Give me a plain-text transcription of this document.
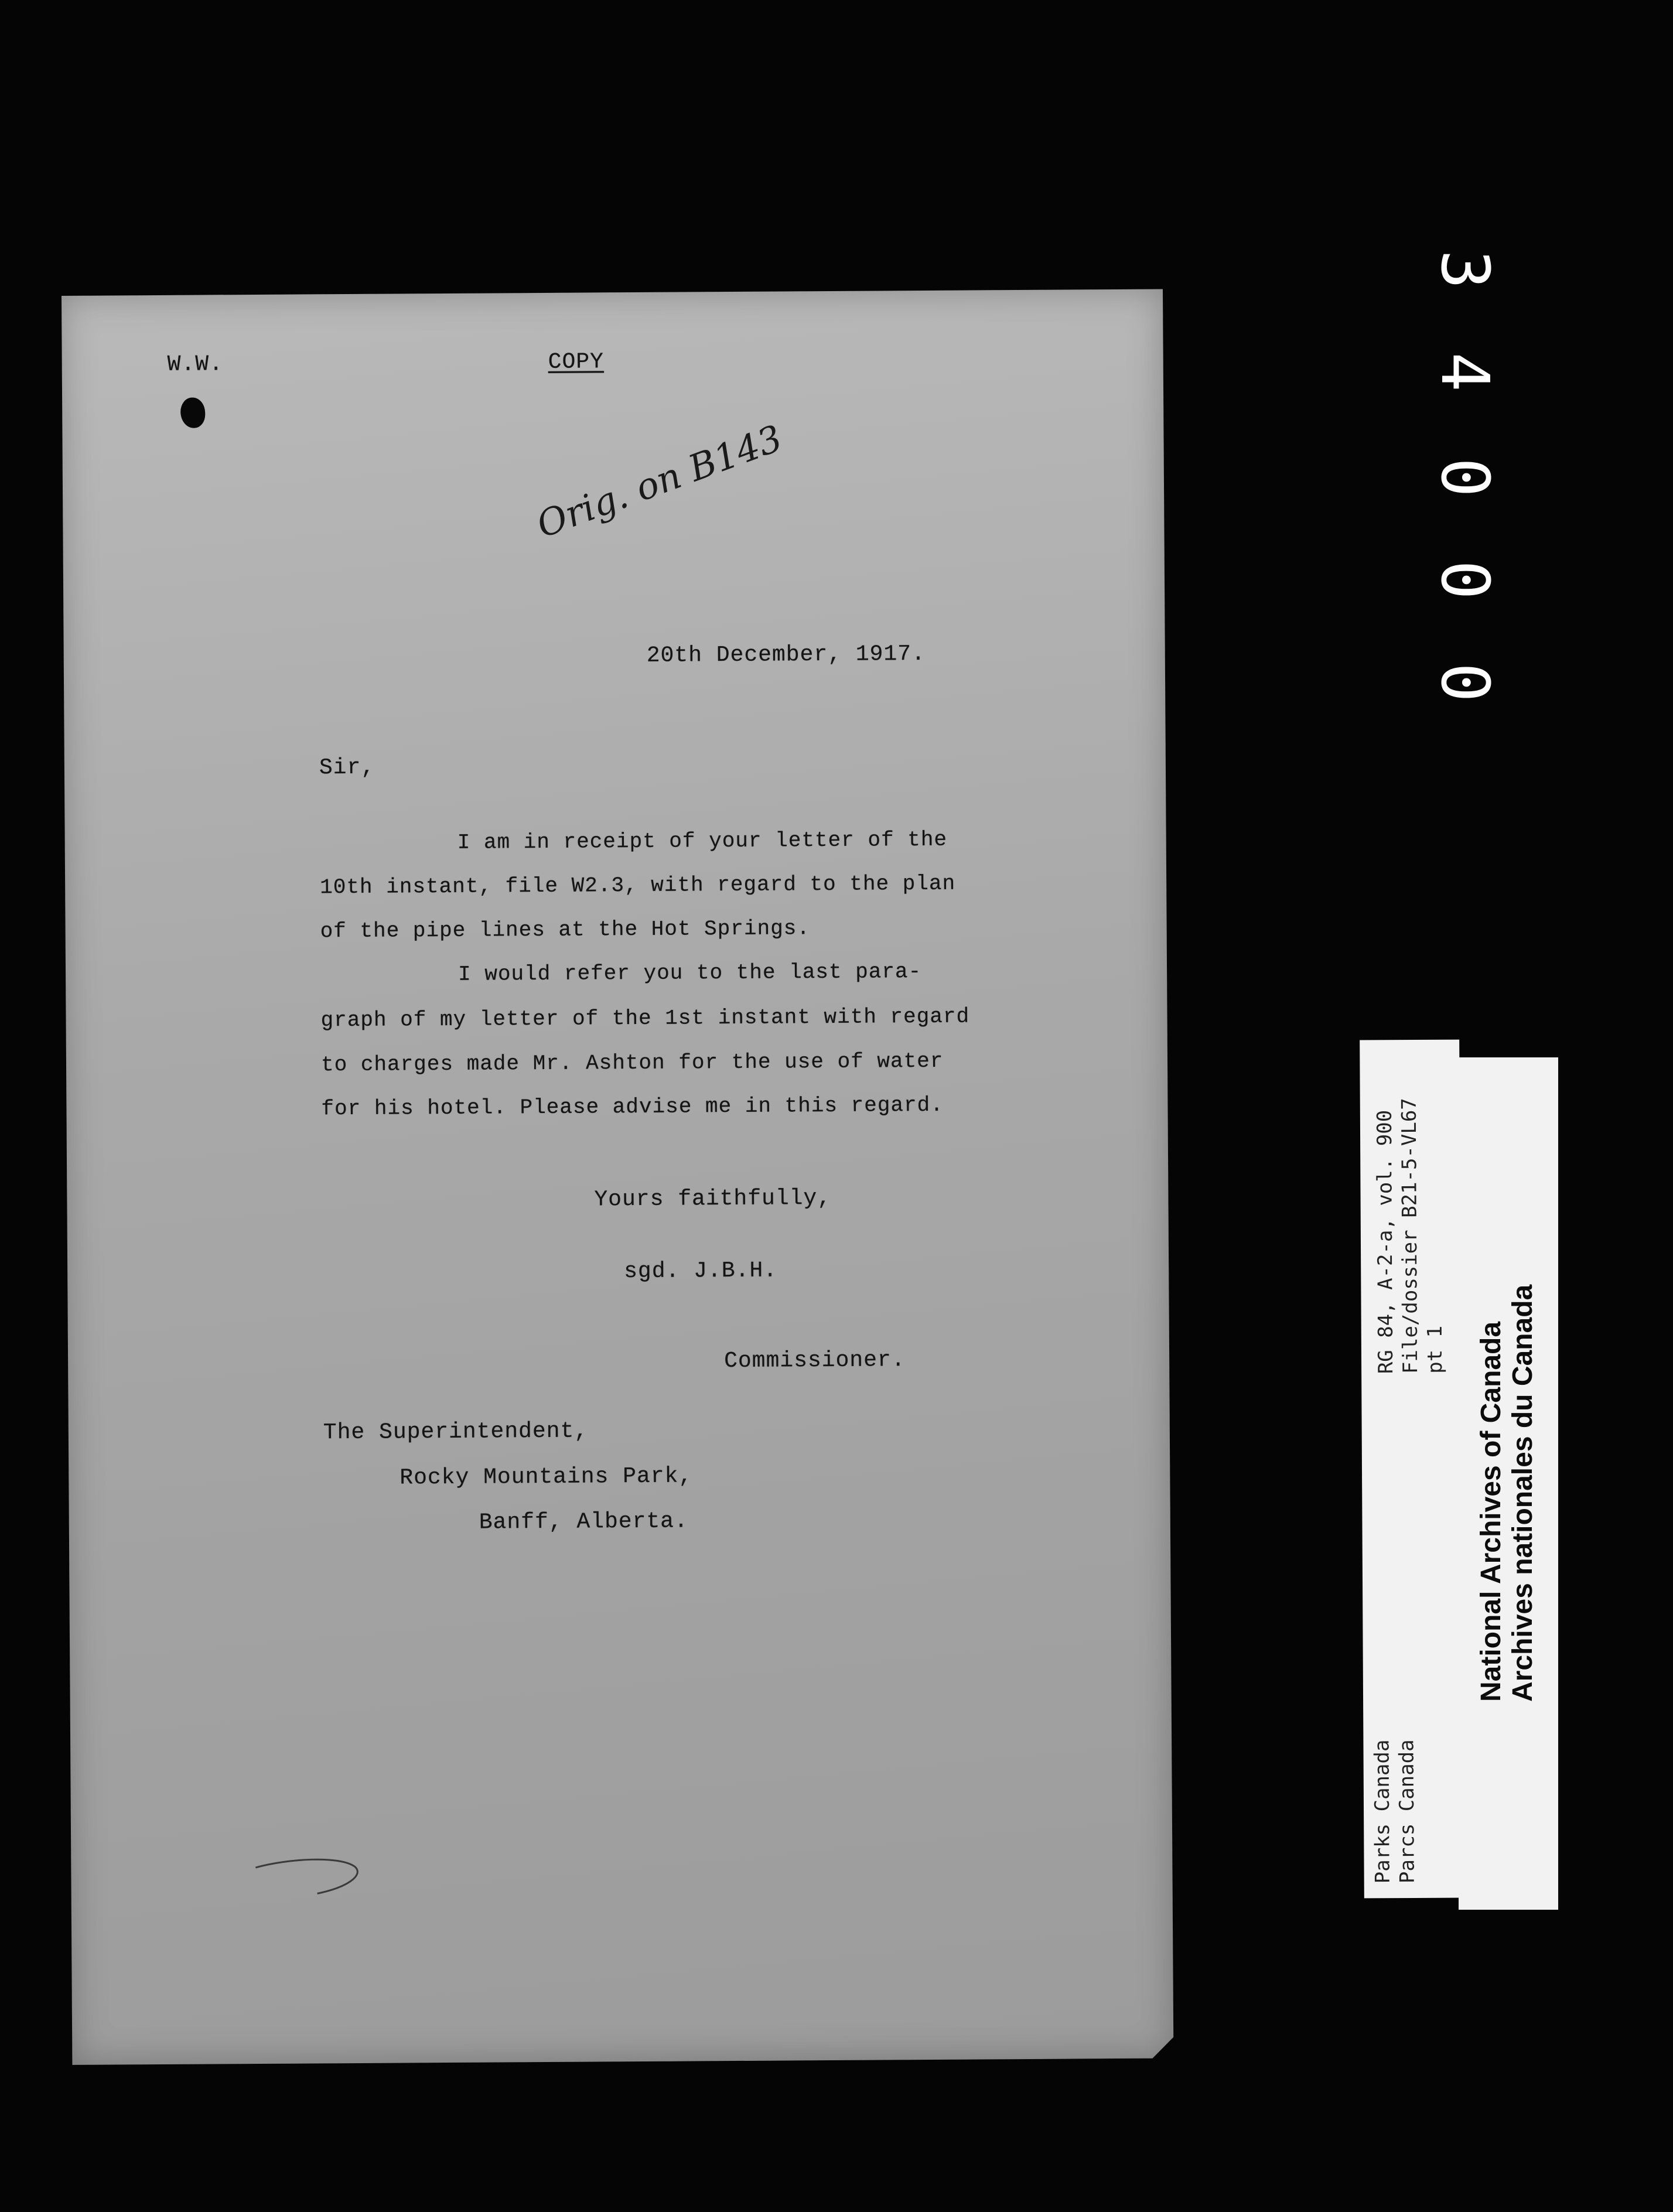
W.W.	COPY
Orig. on B143
20th December, 1917.
Sir,
I am in receipt of your letter of the
10th instant, file W2.3, with regard to the plan
of the pipe lines at the Hot Springs.
I would refer you to the last para-
graph of my letter of the 1st instant with regard
to charges made Mr. Ashton for the use of water
for his hotel. Please advise me in this regard.
Yours faithfully,
sgd. J.B.H.
Commissioner.
The Superintendent,
Rocky Mountains Park,
Banff, Alberta.
3
4
0
0
0
Parks Canada Parcs Canada
RG 84, A-2-a, vol. 900 File/dossier B21-5-VL67 pt 1 National Archives of Canada Archives nationales du Canada
